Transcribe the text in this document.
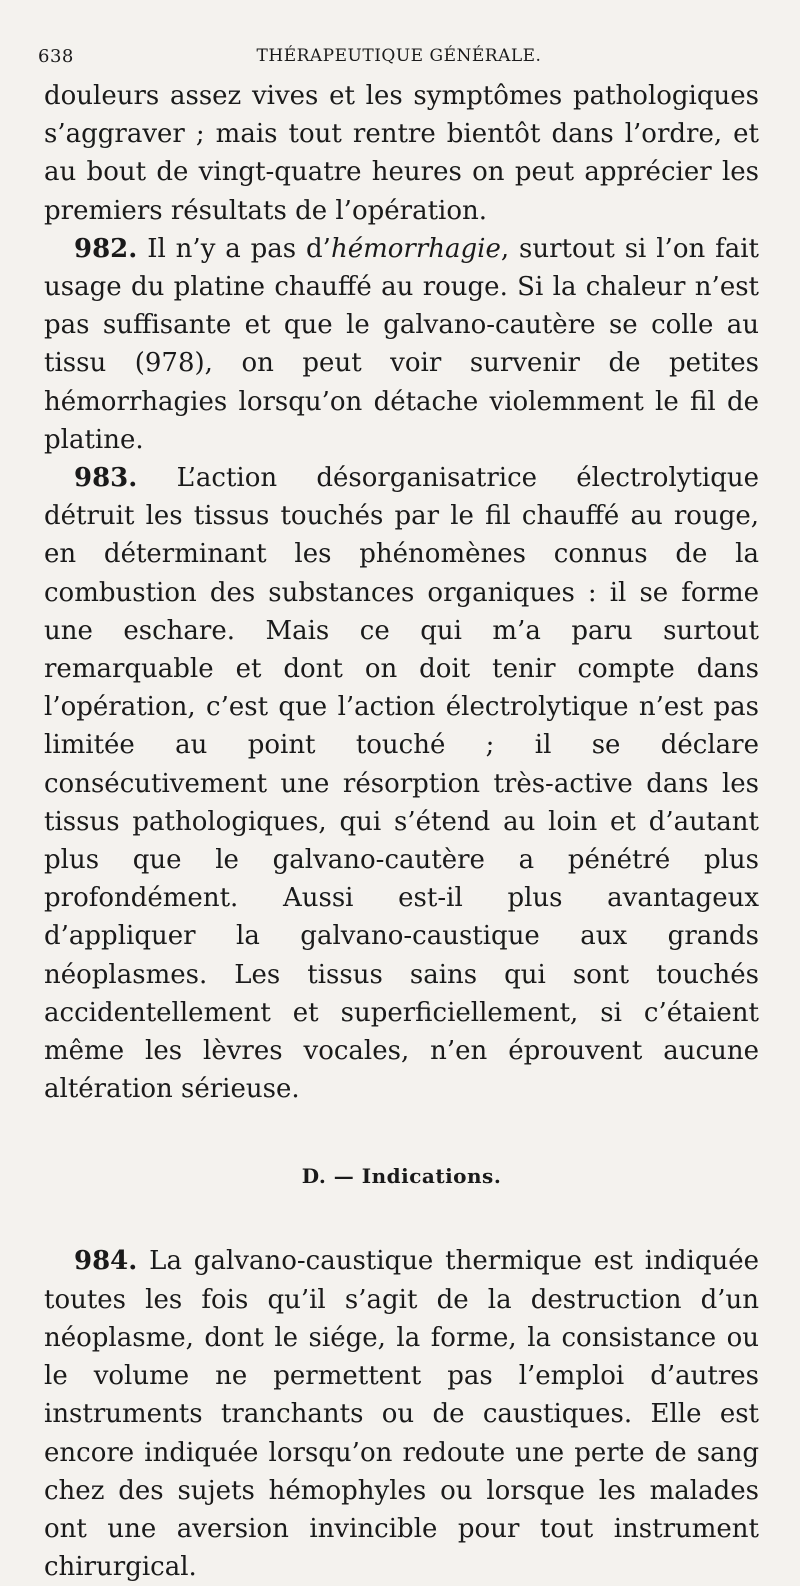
638	THÉRAPEUTIQUE GÉNÉRALE.

douleurs assez vives et les symptômes pathologiques s’aggraver ; mais tout rentre bientôt dans l’ordre, et au bout de vingt-quatre heures on peut apprécier les premiers résultats de l’opération.

982. Il n’y a pas d’hémorrhagie, surtout si l’on fait usage du platine chauffé au rouge. Si la chaleur n’est pas suffisante et que le galvano-cautère se colle au tissu (978), on peut voir survenir de petites hémorrhagies lorsqu’on détache violemment le fil de platine.

983. L’action désorganisatrice électrolytique détruit les tissus touchés par le fil chauffé au rouge, en déterminant les phénomènes connus de la combustion des substances organiques : il se forme une eschare. Mais ce qui m’a paru surtout remarquable et dont on doit tenir compte dans l’opération, c’est que l’action électrolytique n’est pas limitée au point touché ; il se déclare consécutivement une résorption très-active dans les tissus pathologiques, qui s’étend au loin et d’autant plus que le galvano-cautère a pénétré plus profondément. Aussi est-il plus avantageux d’appliquer la galvano-caustique aux grands néoplasmes. Les tissus sains qui sont touchés accidentellement et superficiellement, si c’étaient même les lèvres vocales, n’en éprouvent aucune altération sérieuse.

D. — Indications.

984. La galvano-caustique thermique est indiquée toutes les fois qu’il s’agit de la destruction d’un néoplasme, dont le siége, la forme, la consistance ou le volume ne permettent pas l’emploi d’autres instruments tranchants ou de caustiques. Elle est encore indiquée lorsqu’on redoute une perte de sang chez des sujets hémophyles ou lorsque les malades ont une aversion invincible pour tout instrument chirurgical.
